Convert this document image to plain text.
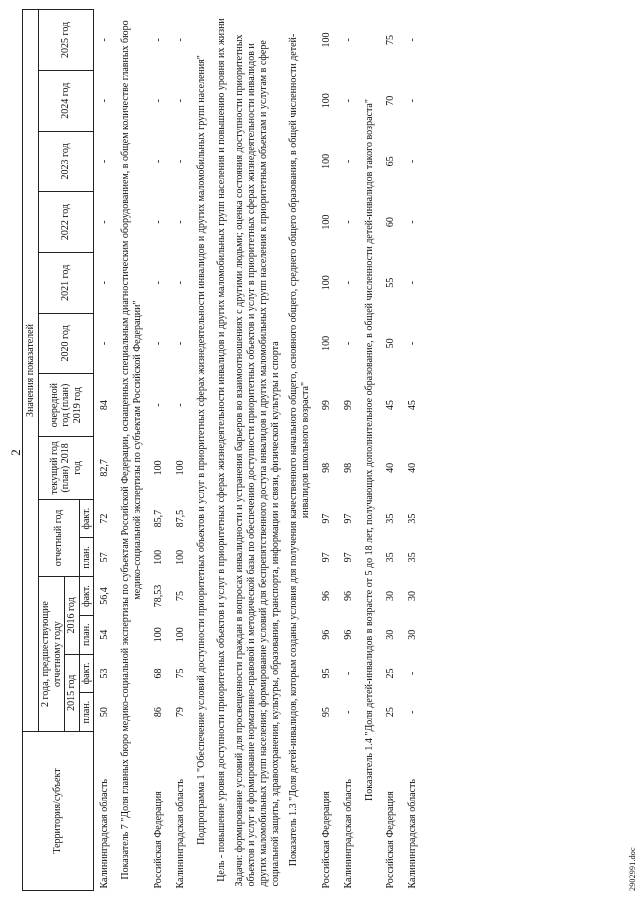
2
Территория/субъект	Значения показателей													
	2 года, предшествующие отчетному году				отчетный год		текущий год (план) 2018 год	очередной год (план) 2019 год	2020 год	2021 год	2022 год	2023 год	2024 год	2025 год
	2015 год		2016 год											
	план.	факт.	план.	факт.	план.	факт.								
Калининградская область	50	53	54	56,4	57	72	82,7	84	-	-	-	-	-	-
Показатель 7 "Доля главных бюро медико-социальной экспертизы по субъектам Российской Федерации, оснащенных специальным диагностическим оборудованием, в общем количестве главных бюро медико-социальной экспертизы по субъектам Российской Федерации"														
Российская Федерация	86	68	100	78,53	100	85,7	100	-	-	-	-	-	-	-
Калининградская область	79	75	100	75	100	87,5	100	-	-	-	-	-	-	-
Подпрограмма 1 "Обеспечение условий доступности приоритетных объектов и услуг в приоритетных сферах жизнедеятельности инвалидов и других маломобильных групп населения"														
Цель - повышение уровня доступности приоритетных объектов и услуг в приоритетных сферах жизнедеятельности инвалидов и других маломобильных групп населения и повышению уровня их жизни														
Задачи: формирование условий для просвещенности граждан в вопросах инвалидности и устранения барьеров во взаимоотношениях с другими людьми; оценка состояния доступности приоритетных объектов и услуг и формирование нормативно-правовой и методической базы по обеспечению доступности приоритетных объектов и услуг в приоритетных сферах жизнедеятельности инвалидов и других маломобильных групп населения; формирование условий для беспрепятственного доступа инвалидов и других маломобильных групп населения к приоритетным объектам и услугам в сфере социальной защиты, здравоохранения, культуры, образования, транспорта, информации и связи, физической культуры и спорта														
Показатель 1.3 "Доля детей-инвалидов, которым созданы условия для получения качественного начального общего, основного общего, среднего общего образования, в общей численности детей-инвалидов школьного возраста"														
Российская Федерация	95	95	96	96	97	97	98	99	100	100	100	100	100	100
Калининградская область	-	-	96	96	97	97	98	99	-	-	-	-	-	-
Показатель 1.4 "Доля детей-инвалидов в возрасте от 5 до 18 лет, получающих дополнительное образование, в общей численности детей-инвалидов такого возраста"														
Российская Федерация	25	25	30	30	35	35	40	45	50	55	60	65	70	75
Калининградская область	-	-	30	30	35	35	40	45	-	-	-	-	-	-
2902991.doc
